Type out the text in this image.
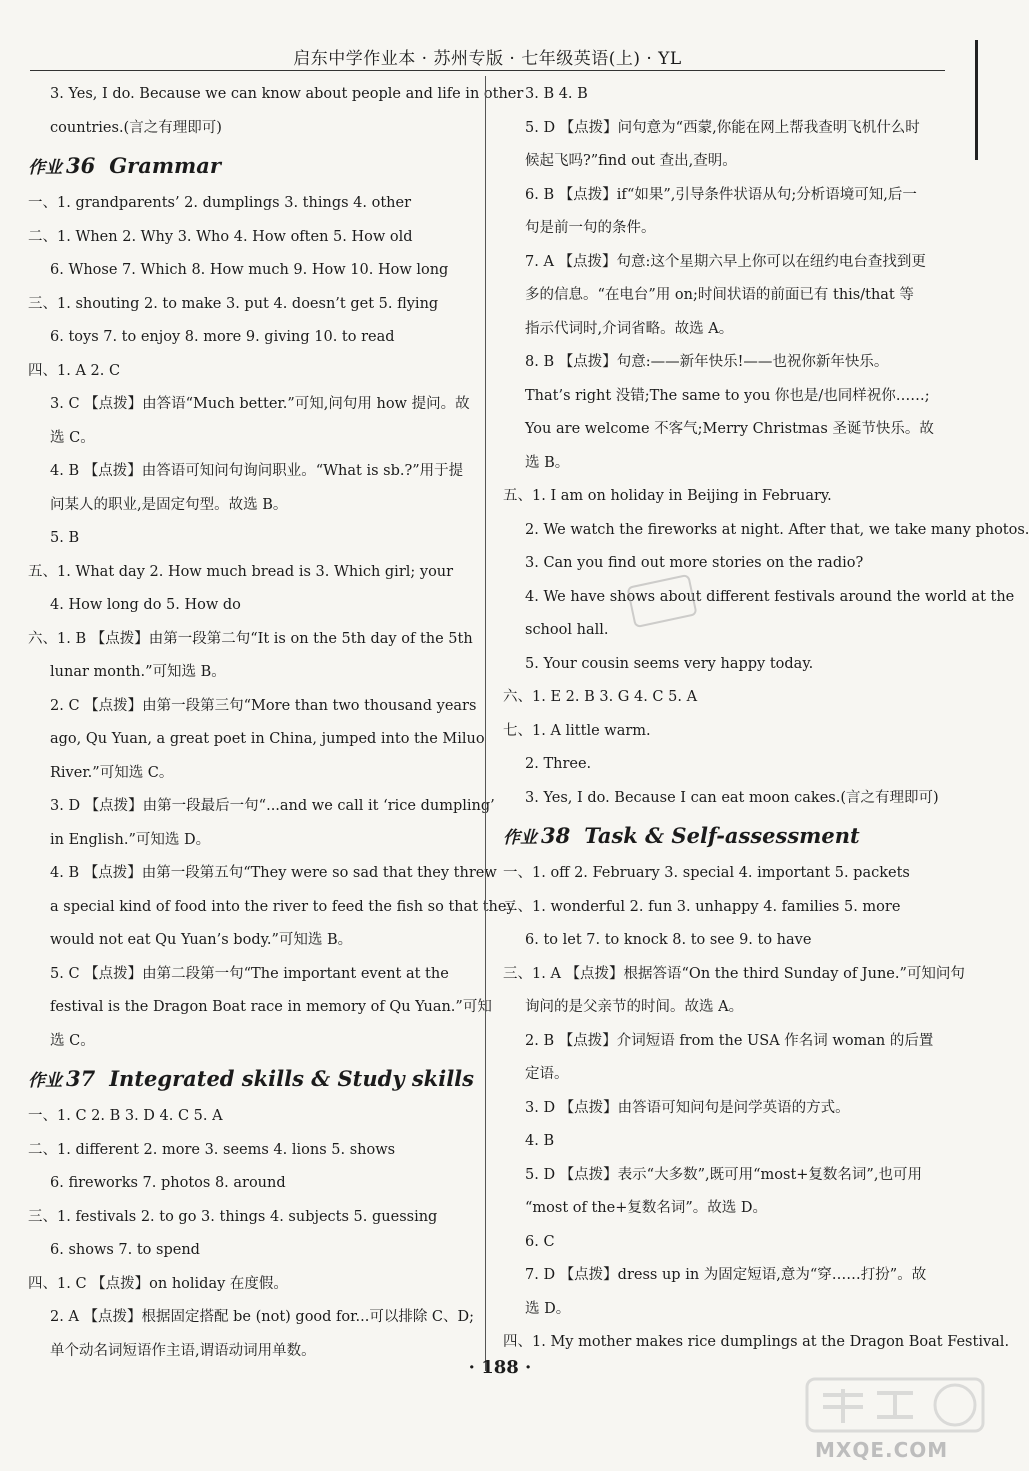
启东中学作业本 · 苏州专版 · 七年级英语(上) · YL
3. Yes, I do. Because we can know about people and life in other
countries.(言之有理即可)
作业 36 Grammar
一、1. grandparents’ 2. dumplings 3. things 4. other
二、1. When 2. Why 3. Who 4. How often 5. How old
6. Whose 7. Which 8. How much 9. How 10. How long
三、1. shouting 2. to make 3. put 4. doesn’t get 5. flying
6. toys 7. to enjoy 8. more 9. giving 10. to read
四、1. A 2. C
3. C 【点拨】由答语“Much better.”可知,问句用 how 提问。故
选 C。
4. B 【点拨】由答语可知问句询问职业。“What is sb.?”用于提
问某人的职业,是固定句型。故选 B。
5. B
五、1. What day 2. How much bread is 3. Which girl; your
4. How long do 5. How do
六、1. B 【点拨】由第一段第二句“It is on the 5th day of the 5th
lunar month.”可知选 B。
2. C 【点拨】由第一段第三句“More than two thousand years
ago, Qu Yuan, a great poet in China, jumped into the Miluo
River.”可知选 C。
3. D 【点拨】由第一段最后一句“...and we call it ‘rice dumpling’
in English.”可知选 D。
4. B 【点拨】由第一段第五句“They were so sad that they threw
a special kind of food into the river to feed the fish so that they
would not eat Qu Yuan’s body.”可知选 B。
5. C 【点拨】由第二段第一句“The important event at the
festival is the Dragon Boat race in memory of Qu Yuan.”可知
选 C。
作业 37 Integrated skills & Study skills
一、1. C 2. B 3. D 4. C 5. A
二、1. different 2. more 3. seems 4. lions 5. shows
6. fireworks 7. photos 8. around
三、1. festivals 2. to go 3. things 4. subjects 5. guessing
6. shows 7. to spend
四、1. C 【点拨】on holiday 在度假。
2. A 【点拨】根据固定搭配 be (not) good for...可以排除 C、D;
单个动名词短语作主语,谓语动词用单数。
3. B 4. B
5. D 【点拨】问句意为“西蒙,你能在网上帮我查明飞机什么时
候起飞吗?”find out 查出,查明。
6. B 【点拨】if“如果”,引导条件状语从句;分析语境可知,后一
句是前一句的条件。
7. A 【点拨】句意:这个星期六早上你可以在纽约电台查找到更
多的信息。“在电台”用 on;时间状语的前面已有 this/that 等
指示代词时,介词省略。故选 A。
8. B 【点拨】句意:——新年快乐!——也祝你新年快乐。
That’s right 没错;The same to you 你也是/也同样祝你……;
You are welcome 不客气;Merry Christmas 圣诞节快乐。故
选 B。
五、1. I am on holiday in Beijing in February.
2. We watch the fireworks at night. After that, we take many photos.
3. Can you find out more stories on the radio?
4. We have shows about different festivals around the world at the
school hall.
5. Your cousin seems very happy today.
六、1. E 2. B 3. G 4. C 5. A
七、1. A little warm.
2. Three.
3. Yes, I do. Because I can eat moon cakes.(言之有理即可)
作业 38 Task & Self-assessment
一、1. off 2. February 3. special 4. important 5. packets
二、1. wonderful 2. fun 3. unhappy 4. families 5. more
6. to let 7. to knock 8. to see 9. to have
三、1. A 【点拨】根据答语“On the third Sunday of June.”可知问句
询问的是父亲节的时间。故选 A。
2. B 【点拨】介词短语 from the USA 作名词 woman 的后置
定语。
3. D 【点拨】由答语可知问句是问学英语的方式。
4. B
5. D 【点拨】表示“大多数”,既可用“most+复数名词”,也可用
“most of the+复数名词”。故选 D。
6. C
7. D 【点拨】dress up in 为固定短语,意为“穿……打扮”。故
选 D。
四、1. My mother makes rice dumplings at the Dragon Boat Festival.
· 188 ·
MXQE.COM
